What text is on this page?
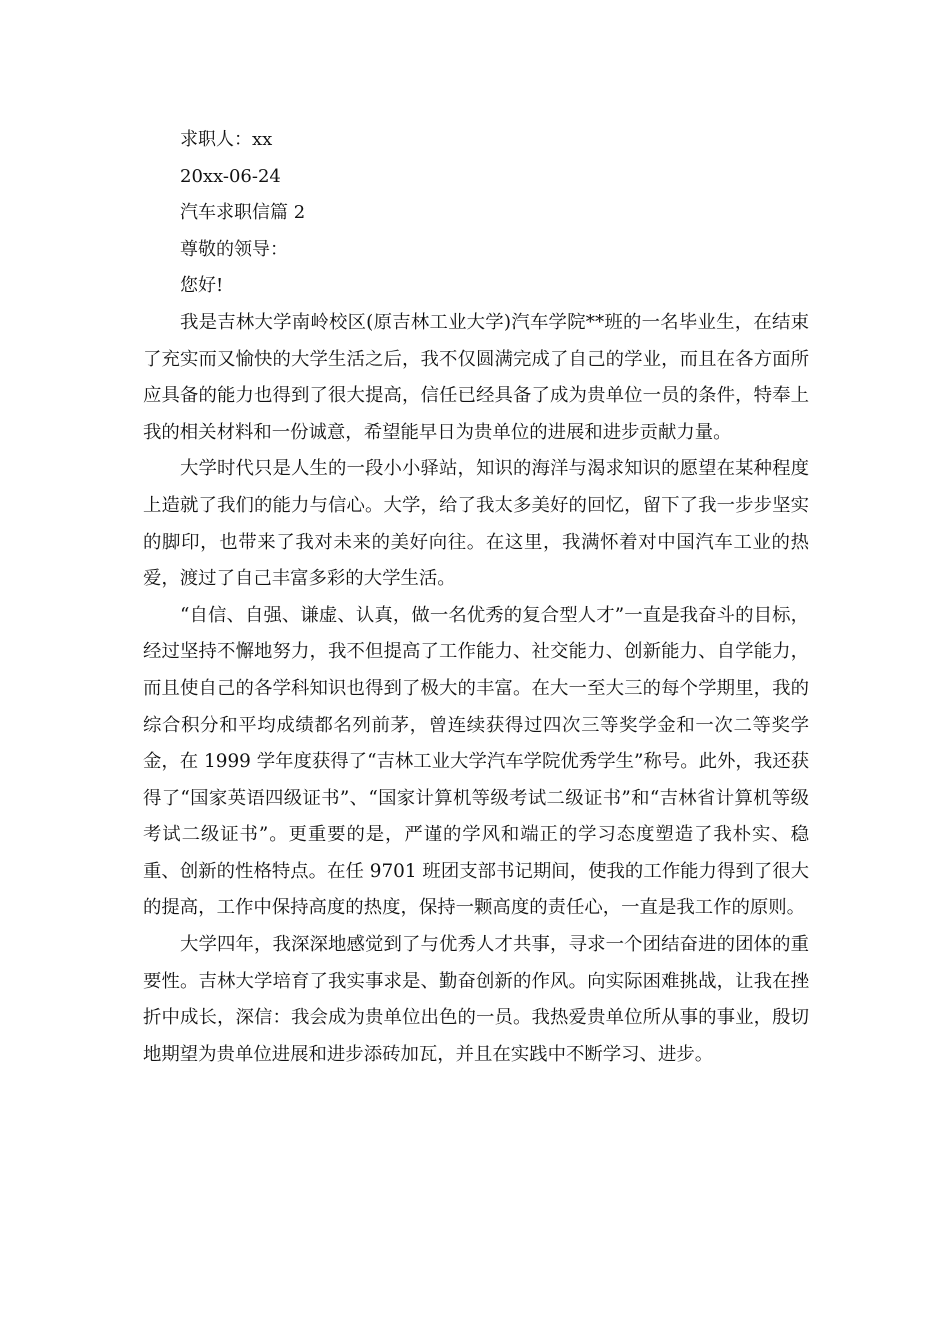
求职人：xx

20xx-06-24

汽车求职信篇 2

尊敬的领导：

您好!

我是吉林大学南岭校区(原吉林工业大学)汽车学院**班的一名毕业生，在结束了充实而又愉快的大学生活之后，我不仅圆满完成了自己的学业，而且在各方面所应具备的能力也得到了很大提高，信任已经具备了成为贵单位一员的条件，特奉上我的相关材料和一份诚意，希望能早日为贵单位的进展和进步贡献力量。

大学时代只是人生的一段小小驿站，知识的海洋与渴求知识的愿望在某种程度上造就了我们的能力与信心。大学，给了我太多美好的回忆，留下了我一步步坚实的脚印，也带来了我对未来的美好向往。在这里，我满怀着对中国汽车工业的热爱，渡过了自己丰富多彩的大学生活。

“自信、自强、谦虚、认真，做一名优秀的复合型人才”一直是我奋斗的目标，经过坚持不懈地努力，我不但提高了工作能力、社交能力、创新能力、自学能力，而且使自己的各学科知识也得到了极大的丰富。在大一至大三的每个学期里，我的综合积分和平均成绩都名列前茅，曾连续获得过四次三等奖学金和一次二等奖学金，在 1999 学年度获得了“吉林工业大学汽车学院优秀学生”称号。此外，我还获得了“国家英语四级证书”、“国家计算机等级考试二级证书”和“吉林省计算机等级考试二级证书”。更重要的是，严谨的学风和端正的学习态度塑造了我朴实、稳重、创新的性格特点。在任 9701 班团支部书记期间，使我的工作能力得到了很大的提高，工作中保持高度的热度，保持一颗高度的责任心，一直是我工作的原则。

大学四年，我深深地感觉到了与优秀人才共事，寻求一个团结奋进的团体的重要性。吉林大学培育了我实事求是、勤奋创新的作风。向实际困难挑战，让我在挫折中成长，深信：我会成为贵单位出色的一员。我热爱贵单位所从事的事业，殷切地期望为贵单位进展和进步添砖加瓦，并且在实践中不断学习、进步。
